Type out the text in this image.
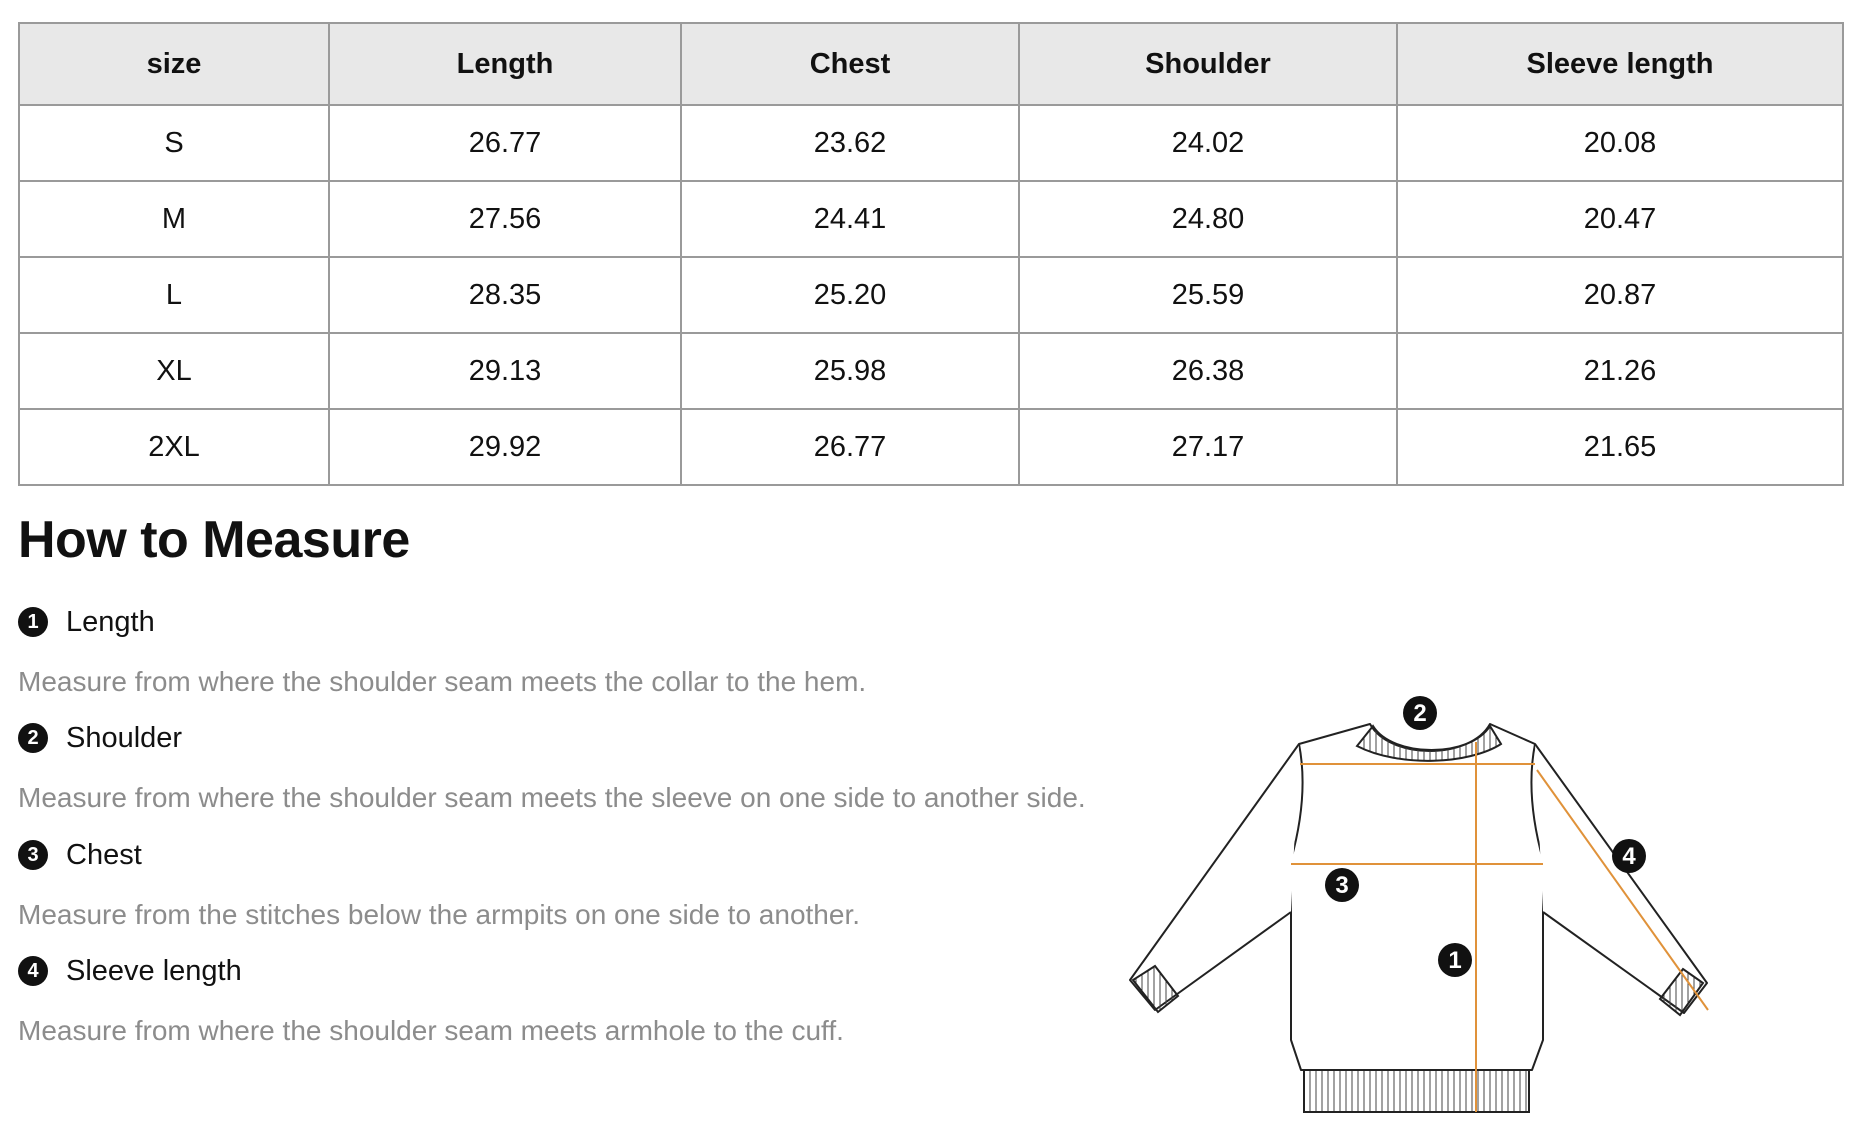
size	Length	Chest	Shoulder	Sleeve length
S	26.77	23.62	24.02	20.08
M	27.56	24.41	24.80	20.47
L	28.35	25.20	25.59	20.87
XL	29.13	25.98	26.38	21.26
2XL	29.92	26.77	27.17	21.65
How to Measure
1 Length
Measure from where the shoulder seam meets the collar to the hem.
2 Shoulder
Measure from where the shoulder seam meets the sleeve on one side to another side.
3 Chest
Measure from the stitches below the armpits on one side to another.
4 Sleeve length
Measure from where the shoulder seam meets armhole to the cuff.
1
2
3
4
